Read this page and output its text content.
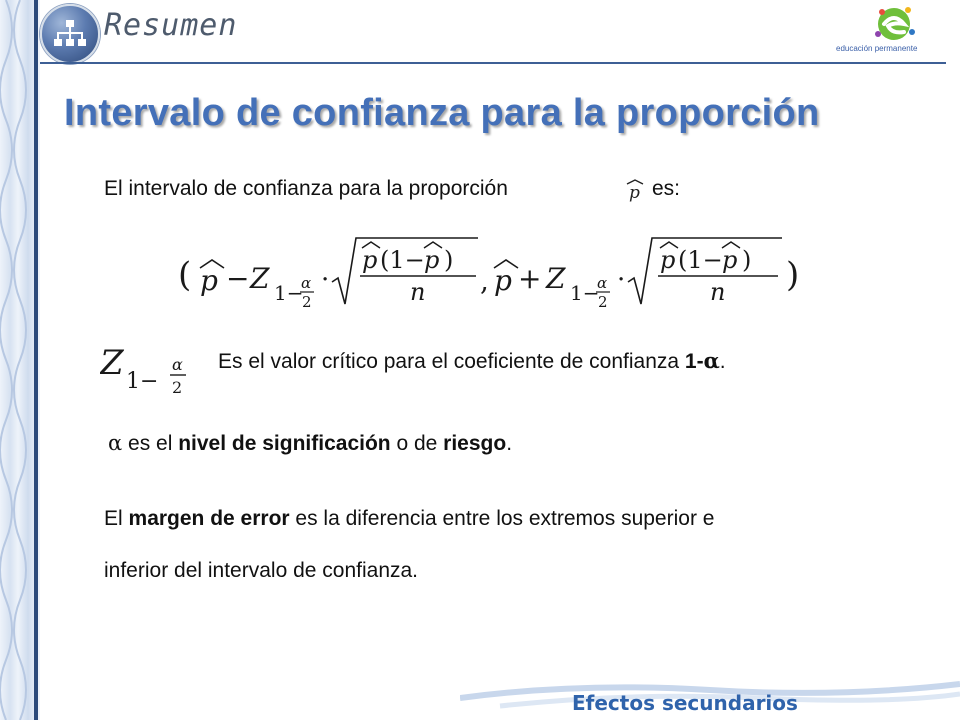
Resumen
educación permanente
Intervalo de confianza para la proporción
El intervalo de confianza para la proporción	p es:
( p − Z 1−
α
2
·
p (1− p )
n , p + Z 1−
α
2
·
p (1− p )
n )
Z 1−
α
2
Es el valor crítico para el coeficiente de confianza 1-α.
α es el nivel de significación o de riesgo.
El margen de error es la diferencia entre los extremos superior e
inferior del intervalo de confianza.
Efectos secundarios
